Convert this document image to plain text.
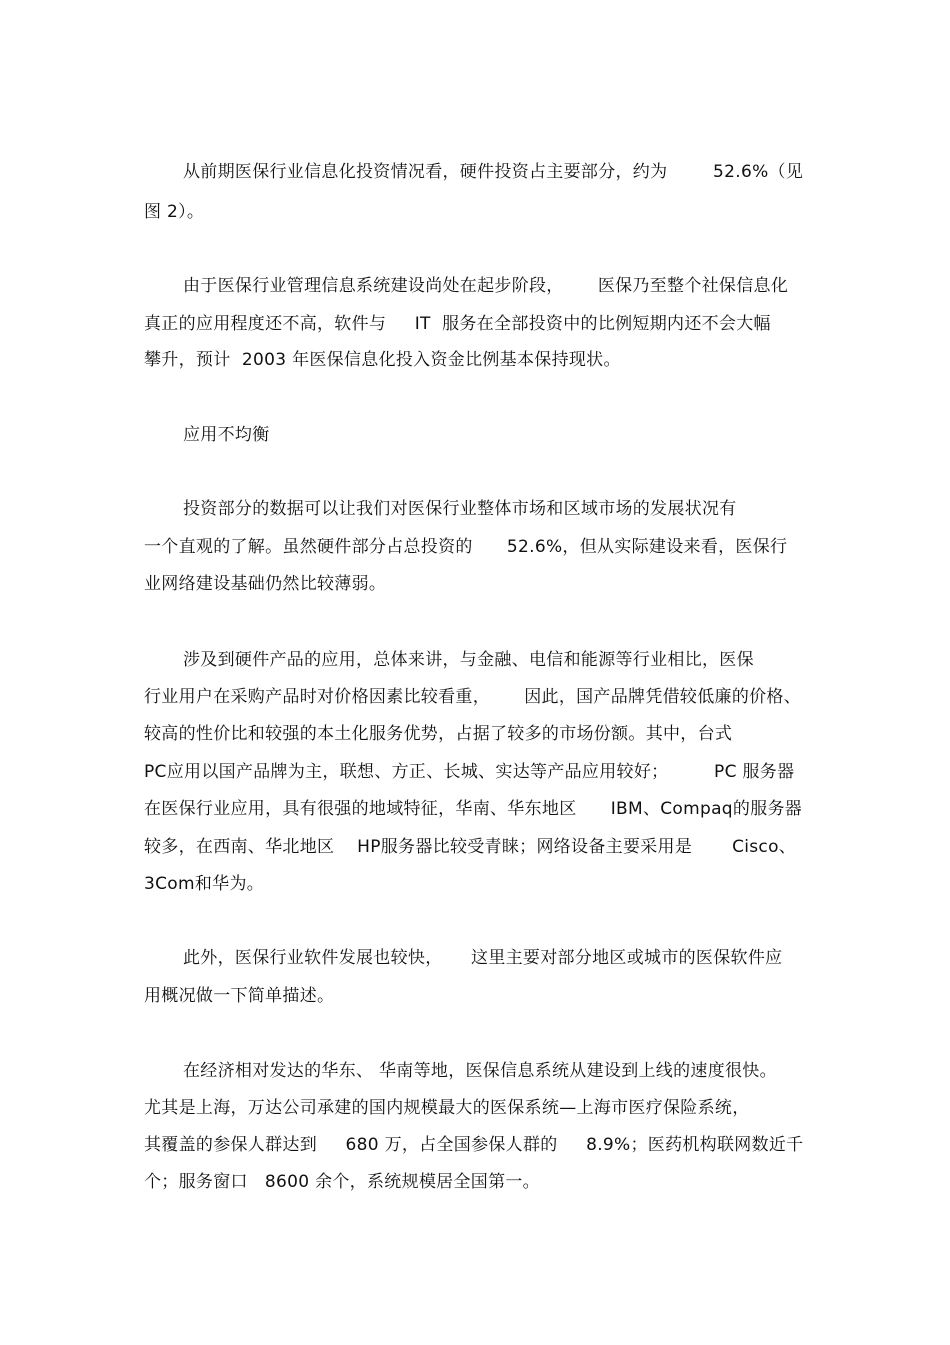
从前期医保行业信息化投资情况看，硬件投资占主要部分，约为        52.6%（见
图 2）。
由于医保行业管理信息系统建设尚处在起步阶段，      医保乃至整个社保信息化
真正的应用程度还不高，软件与     IT  服务在全部投资中的比例短期内还不会大幅
攀升，预计  2003 年医保信息化投入资金比例基本保持现状。
应用不均衡
投资部分的数据可以让我们对医保行业整体市场和区域市场的发展状况有
一个直观的了解。虽然硬件部分占总投资的      52.6%，但从实际建设来看，医保行
业网络建设基础仍然比较薄弱。
涉及到硬件产品的应用，总体来讲，与金融、电信和能源等行业相比，医保
行业用户在采购产品时对价格因素比较看重，      因此，国产品牌凭借较低廉的价格、
较高的性价比和较强的本土化服务优势，占据了较多的市场份额。其中，台式
PC应用以国产品牌为主，联想、方正、长城、实达等产品应用较好；        PC 服务器
在医保行业应用，具有很强的地域特征，华南、华东地区      IBM、Compaq的服务器
较多，在西南、华北地区    HP服务器比较受青睐；网络设备主要采用是       Cisco、
3Com和华为。
此外，医保行业软件发展也较快，     这里主要对部分地区或城市的医保软件应
用概况做一下简单描述。
在经济相对发达的华东、 华南等地，医保信息系统从建设到上线的速度很快。
尤其是上海，万达公司承建的国内规模最大的医保系统—上海市医疗保险系统，
其覆盖的参保人群达到     680 万，占全国参保人群的     8.9%；医药机构联网数近千
个；服务窗口   8600 余个，系统规模居全国第一。
